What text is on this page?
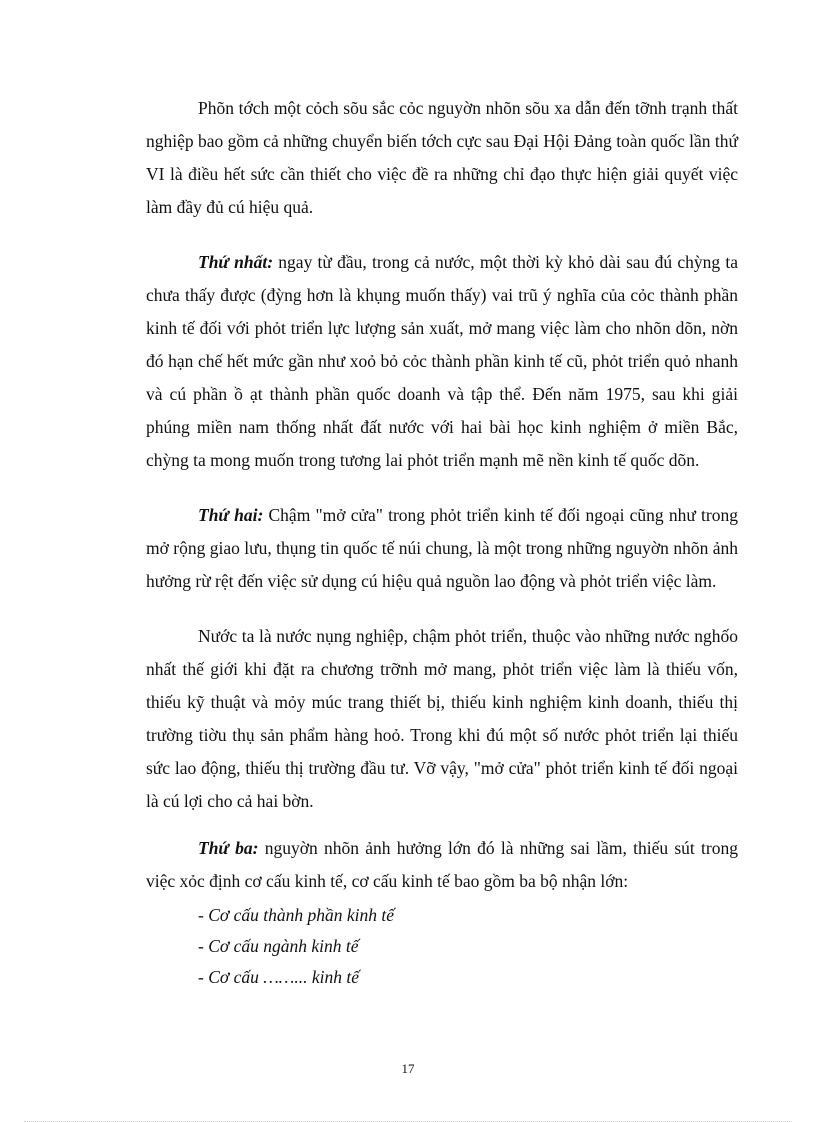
Phõn tớch một cỏch sõu sắc cỏc nguyờn nhõn sõu xa dẫn đến tỡnh trạnh thất nghiệp bao gồm cả những chuyển biến tớch cực sau Đại Hội Đảng toàn quốc lần thứ VI là điều hết sức cần thiết cho việc đề ra những chỉ đạo thực hiện giải quyết việc làm đầy đủ cú hiệu quả.

Thứ nhất: ngay từ đầu, trong cả nước, một thời kỳ khỏ dài sau đú chỳng ta chưa thấy được (đỳng hơn là khụng muốn thấy) vai trũ ý nghĩa của cỏc thành phần kinh tế đối với phỏt triển lực lượng sản xuất, mở mang việc làm cho nhõn dõn, nờn đó hạn chế hết mức gần như xoỏ bỏ cỏc thành phần kinh tế cũ, phỏt triển quỏ nhanh và cú phần ồ ạt thành phần quốc doanh và tập thể. Đến năm 1975, sau khi giải phúng miền nam thống nhất đất nước với hai bài học kinh nghiệm ở miền Bắc, chỳng ta mong muốn trong tương lai phỏt triển mạnh mẽ nền kinh tế quốc dõn.

Thứ hai: Chậm "mở cửa" trong phỏt triển kinh tế đối ngoại cũng như trong mở rộng giao lưu, thụng tin quốc tế núi chung, là một trong những nguyờn nhõn ảnh hưởng rừ rệt đến việc sử dụng cú hiệu quả nguồn lao động và phỏt triển việc làm.

Nước ta là nước nụng nghiệp, chậm phỏt triển, thuộc vào những nước nghốo nhất thế giới khi đặt ra chương trỡnh mở mang, phỏt triển việc làm là thiếu vốn, thiếu kỹ thuật và mỏy múc trang thiết bị, thiếu kinh nghiệm kinh doanh, thiếu thị trường tiờu thụ sản phẩm hàng hoỏ. Trong khi đú một số nước phỏt triển lại thiếu sức lao động, thiếu thị trường đầu tư. Vỡ vậy, "mở cửa" phỏt triển kinh tế đối ngoại là cú lợi cho cả hai bờn.

Thứ ba: nguyờn nhõn ảnh hưởng lớn đó là những sai lầm, thiếu sút trong việc xỏc định cơ cấu kinh tế, cơ cấu kinh tế bao gồm ba bộ nhận lớn:

- Cơ cấu thành phần kinh tế
- Cơ cấu ngành kinh tế
- Cơ cấu ……... kinh tế
17
